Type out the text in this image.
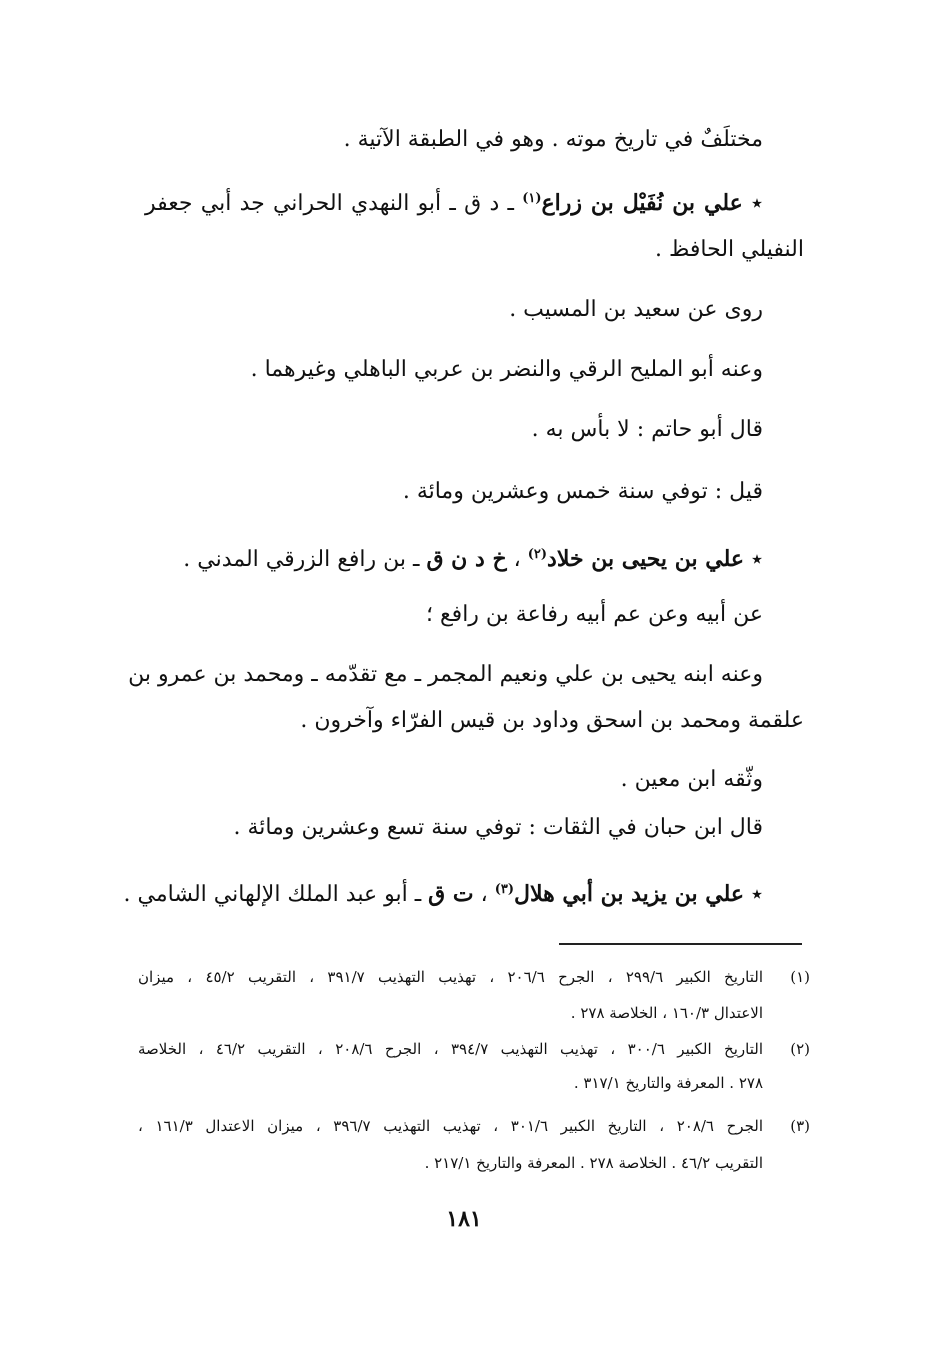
مختلَفٌ في تاريخ موته . وهو في الطبقة الآتية .
٭ علي بن نُفَيْل بن زراع$^{(١)}$ ـ د ق ـ أبو النهدي الحراني جد أبي جعفر
النفيلي الحافظ .
روى عن سعيد بن المسيب .
وعنه أبو المليح الرقي والنضر بن عربي الباهلي وغيرهما .
قال أبو حاتم : لا بأس به .
قيل : توفي سنة خمس وعشرين ومائة .
٭ علي بن يحيى بن خلاد$^{(٢)}$ ، خ د ن ق ـ بن رافع الزرقي المدني .
عن أبيه وعن عم أبيه رفاعة بن رافع ؛
وعنه ابنه يحيى بن علي ونعيم المجمر ـ مع تقدّمه ـ ومحمد بن عمرو بن
علقمة ومحمد بن اسحق وداود بن قيس الفرّاء وآخرون .
وثّقه ابن معين .
قال ابن حبان في الثقات : توفي سنة تسع وعشرين ومائة .
٭ علي بن يزيد بن أبي هلال$^{(٣)}$ ، ت ق ـ أبو عبد الملك الإلهاني الشامي .
(١)
التاريخ الكبير ٢٩٩/٦ ، الجرح ٢٠٦/٦ ، تهذيب التهذيب ٣٩١/٧ ، التقريب ٤٥/٢ ، ميزان
الاعتدال ١٦٠/٣ ، الخلاصة ٢٧٨ .
(٢)
التاريخ الكبير ٣٠٠/٦ ، تهذيب التهذيب ٣٩٤/٧ ، الجرح ٢٠٨/٦ ، التقريب ٤٦/٢ ، الخلاصة
٢٧٨ . المعرفة والتاريخ ٣١٧/١ .
(٣)
الجرح ٢٠٨/٦ ، التاريخ الكبير ٣٠١/٦ ، تهذيب التهذيب ٣٩٦/٧ ، ميزان الاعتدال ١٦١/٣ ،
التقريب ٤٦/٢ . الخلاصة ٢٧٨ . المعرفة والتاريخ ٢١٧/١ .
١٨١
